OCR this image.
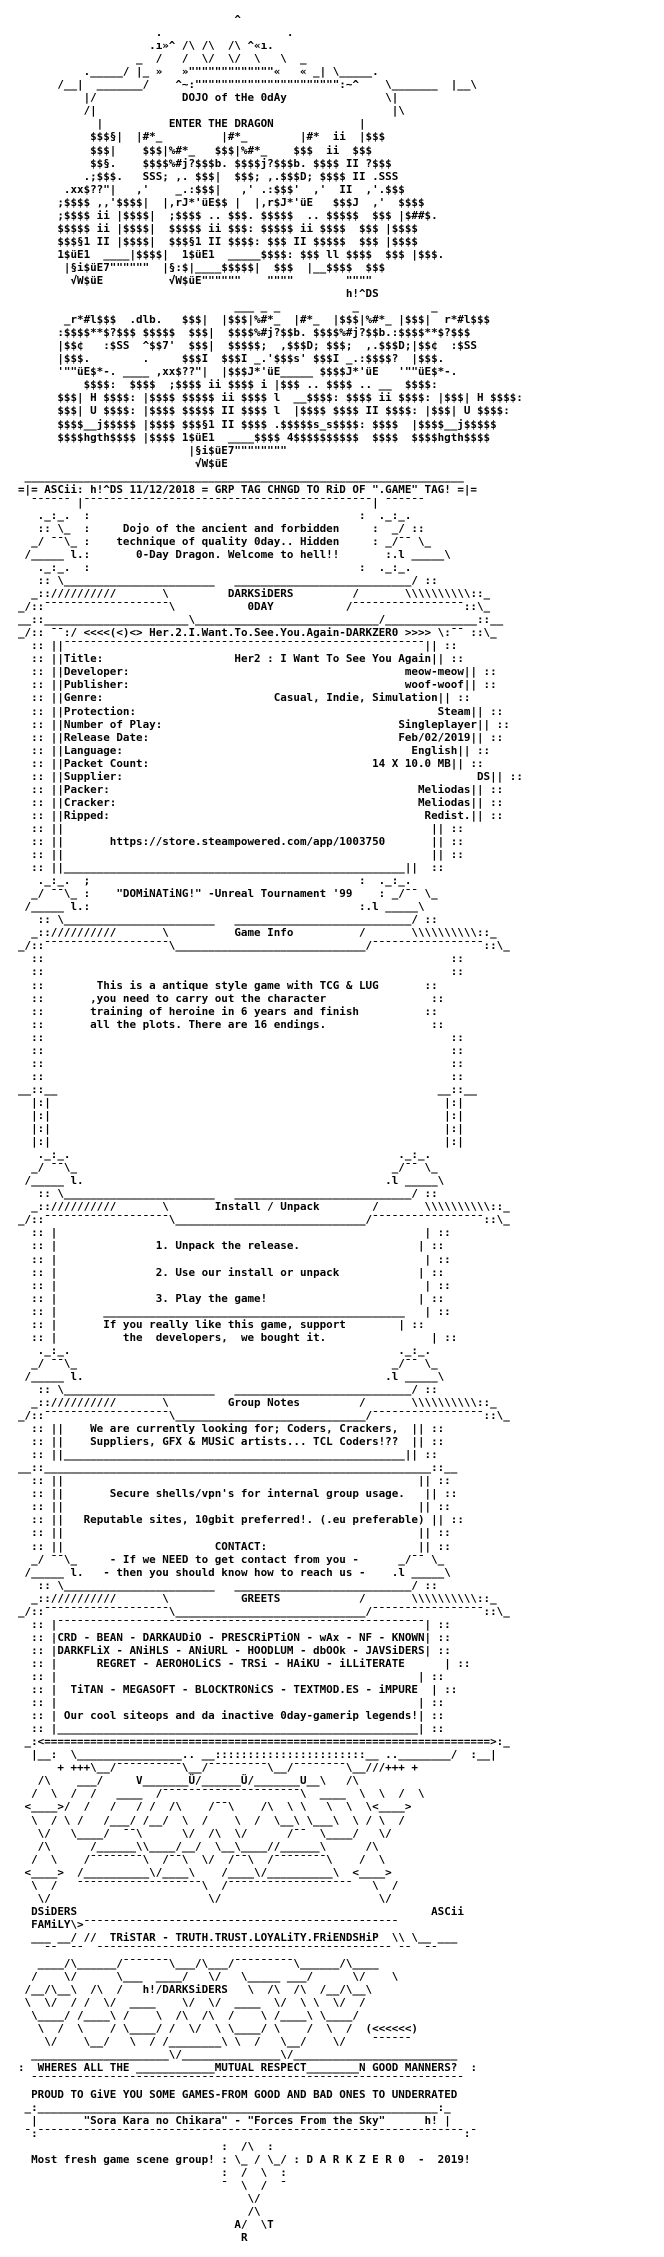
^
.                   .
.ı»^ /\ /\  /\ ^«ı.
_  /   /  \/  \/  \   \  _
._____/ |_ »   »"""""""""""""«   « _| \_____.
/__|  _______/    ^~:"""""""""""""""""""""":~^    \_______  |__\
|/             DOJO of tHe 0dAy               \|
/|                                             |\
|          ENTER THE DRAGON             |
$$$§|  |#*_         |#*_        |#*  ii  |$$$
$$$|    $$$|%#*_   $$$|%#*_    $$$  ii  $$$
$$§.    $$$$%#j?$$$b. $$$$j?$$$b. $$$$ II ?$$$
.;$$$.   SSS; ,. $$$|  $$$; ,.$$$D; $$$$ II .SSS
.xx$??"|   ,'    _.:$$$|   ,' .:$$$'  ,'  II  ,'.$$$
;$$$$ ,,'$$$$|  |,rJ*'üE$$ |  |,r$J*'üE   $$$J  ,'  $$$$
;$$$$ ii |$$$$|  ;$$$$ .. $$$. $$$$$  .. $$$$$  $$$ |$##$.
$$$$$ ii |$$$$|  $$$$$ ii $$$: $$$$$ ii $$$$  $$$ |$$$$
$$$§1 II |$$$$|  $$$§1 II $$$$: $$$ II $$$$$  $$$ |$$$$
1$üE1  ____|$$$$|  1$üE1  _____$$$$: $$$ ll $$$$  $$$ |$$$.
|§i$üE7""""""  |§:$|____$$$$$|  $$$  |__$$$$  $$$
√W$üE          √W$üE""""""    """"        """"
h!^DS
___ _ _           _           _
_r*#l$$$  .dlb.   $$$|  |$$$|%#*_  |#*_  |$$$|%#*_ |$$$|  r*#l$$$
:$$$$**$?$$$ $$$$$  $$$|  $$$$%#j?$$b. $$$$%#j?$$b.:$$$$**$?$$$
|$$¢   :$SS  ^$$7'  $$$|  $$$$$;  ,$$$D; $$$;  ,.$$$D;|$$¢  :$SS
|$$$.        .     $$$I  $$$I _.'$$$s' $$$I _.:$$$$?  |$$$.
'""üE$*-. ____ ,xx$??"|  |$$$J*'üE_____ $$$$J*'üE   '""üE$*-.
$$$$:  $$$$  ;$$$$ ii $$$$ i |$$$ .. $$$$ .. __  $$$$:
$$$| H $$$$: |$$$$ $$$$$ ii $$$$ l  __$$$$: $$$$ ii $$$$: |$$$| H $$$$:
$$$| U $$$$: |$$$$ $$$$$ II $$$$ l  |$$$$ $$$$ II $$$$: |$$$| U $$$$:
$$$$__j$$$$$ |$$$$ $$$§1 II $$$$ .$$$$$s_s$$$$: $$$$  |$$$$__j$$$$$
$$$$hgth$$$$ |$$$$ 1$üE1  ____$$$$ 4$$$$$$$$$$  $$$$  $$$$hgth$$$$
|§i$üE7""""""""
√W$üE
___________________________________________________________________
=|= ASCii: h!^DS 11/12/2018 = GRP TAG CHNGD TO RiD OF ".GAME" TAG! =|=
¯¯¯¯¯¯ |¯¯¯¯¯¯¯¯¯¯¯¯¯¯¯¯¯¯¯¯¯¯¯¯¯¯¯¯¯¯¯¯¯¯¯¯¯¯¯¯¯¯¯¯| ¯¯¯¯¯¯
._:_.  :                                         :  ._:_.
:: \_  :     Dojo of the ancient and forbidden     :  _/ ::
_/ ¯¯\_ :    technique of quality 0day.. Hidden     : _/¯¯ \_
/_____ l.:       0-Day Dragon. Welcome to hell!!       :.l _____\
._:_.  :                                         :  ._:_.
:: \_______________________   ___________________________/ ::
_:://////////       \         DARKSiDERS         /       \\\\\\\\\\::_
_/::¯¯¯¯¯¯¯¯¯¯¯¯¯¯¯¯¯¯¯\           0DAY           /¯¯¯¯¯¯¯¯¯¯¯¯¯¯¯¯¯::\_
__::______________________\____________________________/______________::__
_/:: ¯¯:/ <<<<(<)<> Her.2.I.Want.To.See.You.Again-DARKZER0 >>>> \:¯¯ ::\_
:: ||¯¯¯¯¯¯¯¯¯¯¯¯¯¯¯¯¯¯¯¯¯¯¯¯¯¯¯¯¯¯¯¯¯¯¯¯¯¯¯¯¯¯¯¯¯¯¯¯¯¯¯¯¯¯¯|| ::
:: ||Title:	Her2 : I Want To See You Again|| ::
:: ||Developer:	meow-meow|| ::
:: ||Publisher:	woof-woof|| ::
:: ||Genre:	Casual, Indie, Simulation|| ::
:: ||Protection:	Steam|| ::
:: ||Number of Play:	Singleplayer|| ::
:: ||Release Date:	Feb/02/2019|| ::
:: ||Language:	English|| ::
:: ||Packet Count:	14 X 10.0 MB|| ::
:: ||Supplier:	DS|| ::
:: ||Packer:	Meliodas|| ::
:: ||Cracker:	Meliodas|| ::
:: ||Ripped:	Redist.|| ::
:: ||                                                        || ::
:: ||       https://store.steampowered.com/app/1003750       || ::
:: ||                                                        || ::
:: ||____________________________________________________||  ::
._:_.  ;                                         :  ._:_.
_/ ¯¯\_ :    "DOMiNATiNG!" -Unreal Tournament '99    : _/¯¯ \_
/_____ l.:                                         :.l _____\
:: \_______________________   ___________________________/ ::
_:://////////       \          Game Info          /       \\\\\\\\\\::_
_/::¯¯¯¯¯¯¯¯¯¯¯¯¯¯¯¯¯¯¯\_____________________________/¯¯¯¯¯¯¯¯¯¯¯¯¯¯¯¯¯::\_
::                                                              ::
::                                                              ::
::        This is a antique style game with TCG & LUG       ::
::       ,you need to carry out the character                ::
::       training of heroine in 6 years and finish          ::
::       all the plots. There are 16 endings.                ::
::                                                              ::
::                                                              ::
::                                                              ::
::                                                              ::
__::__                                                          __::__
|:|                                                            |:|
|:|                                                            |:|
|:|                                                            |:|
|:|                                                            |:|
._:_.                                                  ._:_.
_/ ¯¯\_                                                _/¯¯ \_
/_____ l.                                              .l _____\
:: \_______________________   ___________________________/ ::
_:://////////       \       Install / Unpack        /       \\\\\\\\\\::_
_/::¯¯¯¯¯¯¯¯¯¯¯¯¯¯¯¯¯¯¯\_____________________________/¯¯¯¯¯¯¯¯¯¯¯¯¯¯¯¯¯::\_
:: |                                                        | ::
:: |               1. Unpack the release.                  | ::
:: |                                                        | ::
:: |               2. Use our install or unpack            | ::
:: |                                                        | ::
:: |               3. Play the game!                       | ::
:: |       ______________________________________________   | ::
:: |       If you really like this game, support        | ::
:: |          the  developers,  we bought it.                | ::
._:_.                                                  ._:_.
_/ ¯¯\_                                                _/¯¯ \_
/_____ l.                                              .l _____\
:: \_______________________   ___________________________/ ::
_:://////////       \         Group Notes         /       \\\\\\\\\\::_
_/::¯¯¯¯¯¯¯¯¯¯¯¯¯¯¯¯¯¯¯\_____________________________/¯¯¯¯¯¯¯¯¯¯¯¯¯¯¯¯¯::\_
:: ||    We are currently looking for; Coders, Crackers,  || ::
:: ||    Suppliers, GFX & MUSiC artists... TCL Coders!??  || ::
:: ||____________________________________________________|| ::
__::___________________________________________________________::__
:: ||                                                      || ::
:: ||       Secure shells/vpn's for internal group usage.   || ::
:: ||                                                      || ::
:: ||   Reputable sites, 10gbit preferred!. (.eu preferable) || ::
:: ||                                                      || ::
:: ||                       CONTACT:                       || ::
_/ ¯¯\_     - If we NEED to get contact from you -      _/¯¯ \_
/_____ l.   - then you should know how to reach us -    .l _____\
:: \_______________________   ___________________________/ ::
_:://////////       \           GREETS            /       \\\\\\\\\\::_
_/::¯¯¯¯¯¯¯¯¯¯¯¯¯¯¯¯¯¯¯\_____________________________/¯¯¯¯¯¯¯¯¯¯¯¯¯¯¯¯¯::\_
:: |¯¯¯¯¯¯¯¯¯¯¯¯¯¯¯¯¯¯¯¯¯¯¯¯¯¯¯¯¯¯¯¯¯¯¯¯¯¯¯¯¯¯¯¯¯¯¯¯¯¯¯¯¯¯¯¯| ::
:: |CRD - BEAN - DARKAUDiO - PRESCRiPTiON - wAx - NF - KNOWN| ::
:: |DARKFLiX - ANiHLS - ANiURL - HOODLUM - dbOOk - JAVSiDERS| ::
:: |      REGRET - AEROHOLiCS - TRSi - HAiKU - iLLiTERATE      | ::
:: |                                                       | ::
:: |  TiTAN - MEGASOFT - BLOCKTRONiCS - TEXTMOD.ES - iMPURE  | ::
:: |                                                       | ::
:: | Our cool siteops and da inactive 0day-gamerip legends!| ::
:: |_______________________________________________________| ::
_:<====================================================================>:_
|__:  \________________.. __:::::::::::::::::::::::__ ..________/  :__|
+ +++\__/¯¯¯¯¯¯¯¯¯¯\__/¯¯¯¯¯¯¯¯¯\__/¯¯¯¯¯¯¯¯\__///+++ +
/\    ___/     V_______Ü/______Ü/_______U__\   /\
/  \  /  /   ____  /¯¯¯¯¯¯¯¯¯¯¯¯¯¯¯¯¯¯¯¯¯\  ____  \  \  /  \
<____>/  /   /   / /  /\    /¯¯\    /\  \ \   \  \  \<____>
\  / \ /   /___/ /__/  \  /    \  /  \__\ \___\  \ / \  /
\/   \____/  ¯¯\      \/  /\  \/      /¯¯  \____/   \/
/\      /______\\____/__/  \__\____//______\      /\
/  \    /¯¯¯¯¯¯¯¯\  /¯¯\  \/  /¯¯\  /¯¯¯¯¯¯¯¯\    /  \
<____>  /__________\/____\    /____\/__________\  <____>
\  /   ¯¯¯¯¯¯¯¯¯¯¯¯¯¯¯¯¯¯¯\  /¯¯¯¯¯¯¯¯¯¯¯¯¯¯¯¯¯¯¯   \  /
\/                        \/                        \/
DSiDERS	ASCii
FAMiLY\>¯¯¯¯¯¯¯¯¯¯¯¯¯¯¯¯¯¯¯¯¯¯¯¯¯¯¯¯¯¯¯¯¯¯¯¯¯¯¯¯¯¯¯¯¯¯¯¯
___ __/ //  TRiSTAR - TRUTH.TRUST.LOYALiTY.FRiENDSHiP  \\ \__ ___
¯¯  ¯¯  ¯¯¯¯¯¯¯¯¯¯¯¯¯¯¯¯¯¯¯¯¯¯¯¯¯¯¯¯¯¯¯¯¯¯¯¯¯¯¯¯¯¯¯¯¯ ¯¯  ¯¯
____/\______/¯¯¯¯¯¯¯\___/\___/¯¯¯¯¯¯¯¯¯\______/\____
/    \/      \___  ____/   \/   \_____ ___/      \/    \
/__/\__\  /\  /   h!/DARKSiDERS   \  /\  /\  /__/\__\
\  \/  / /  \/  ____    \/  \/  ____  \/  \ \  \/  /
\____/ /____\ /    \  /\  /\  /    \ /____\ \____/
\  /  \    / \____/ /  \/  \ \____/ \    /  \  /  (<<<<<<)
\/    \__/   \  / /________\ \  /   \__/    \/    ¯¯¯¯¯¯
_____________________\/_______________\/_________________________
:  WHERES ALL THE ____________MUTUAL RESPECT________N GOOD MANNERS?  :
¯¯¯¯¯¯¯¯¯¯¯¯¯¯¯¯¯¯¯¯¯¯¯¯¯¯¯¯¯¯¯¯¯¯¯¯¯¯¯¯¯¯¯¯¯¯¯¯¯¯¯¯¯¯¯¯¯¯¯¯¯¯¯¯¯¯
PROUD TO GiVE YOU SOME GAMES-FROM GOOD AND BAD ONES TO UNDERRATED
_:_____________________________________________________________:_
|       "Sora Kara no Chikara" - "Forces From the Sky"	h! |
¯:¯¯¯¯¯¯¯¯¯¯¯¯¯¯¯¯¯¯¯¯¯¯¯¯¯¯¯¯¯¯¯¯¯¯¯¯¯¯¯¯¯¯¯¯¯¯¯¯¯¯¯¯¯¯¯¯¯¯¯¯¯¯¯¯¯:¯
:  /\  :
Most fresh game scene group! : \_ / \_/ : D A R K Z E R 0  -  2019!
:  /  \  :
¯  \  /  ¯
\/
/\
A/  \T
R
